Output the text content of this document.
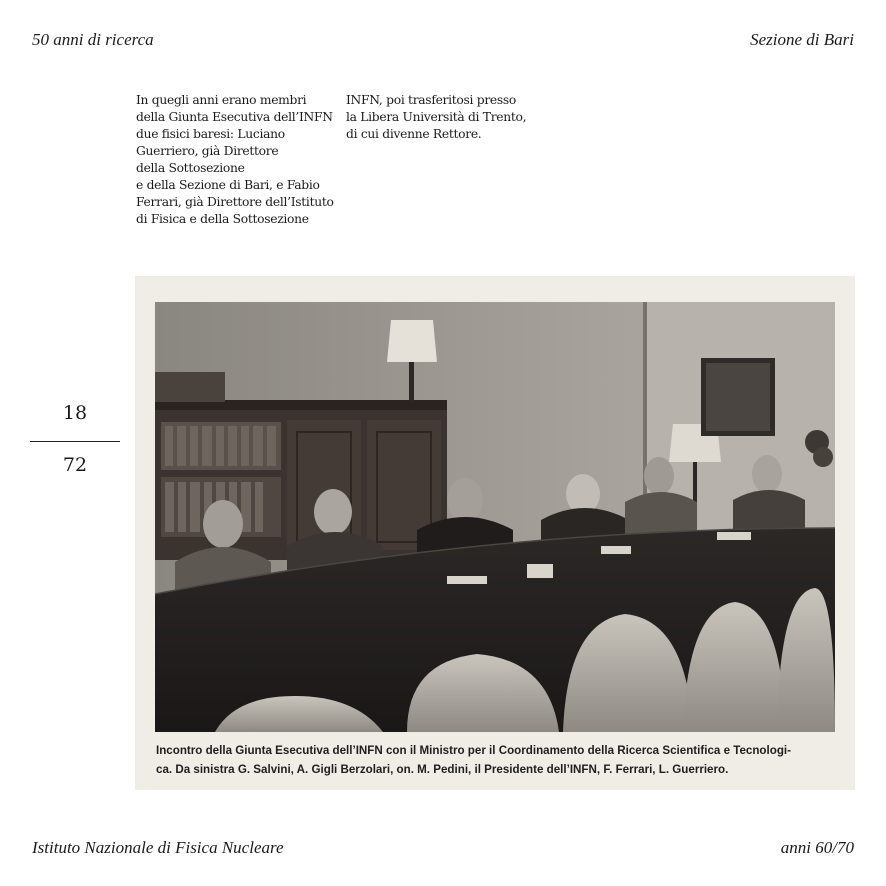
50 anni di ricerca	Sezione di Bari
In quegli anni erano membri
della Giunta Esecutiva dell’INFN
due fisici baresi: Luciano
Guerriero, già Direttore
della Sottosezione
e della Sezione di Bari, e Fabio
Ferrari, già Direttore dell’Istituto
di Fisica e della Sottosezione
INFN, poi trasferitosi presso
la Libera Università di Trento,
di cui divenne Rettore.
18
72
Incontro della Giunta Esecutiva dell’INFN con il Ministro per il Coordinamento della Ricerca Scientifica e Tecnologi-
ca. Da sinistra G. Salvini, A. Gigli Berzolari, on. M. Pedini, il Presidente dell’INFN, F. Ferrari, L. Guerriero.
Istituto Nazionale di Fisica Nucleare	anni 60/70
